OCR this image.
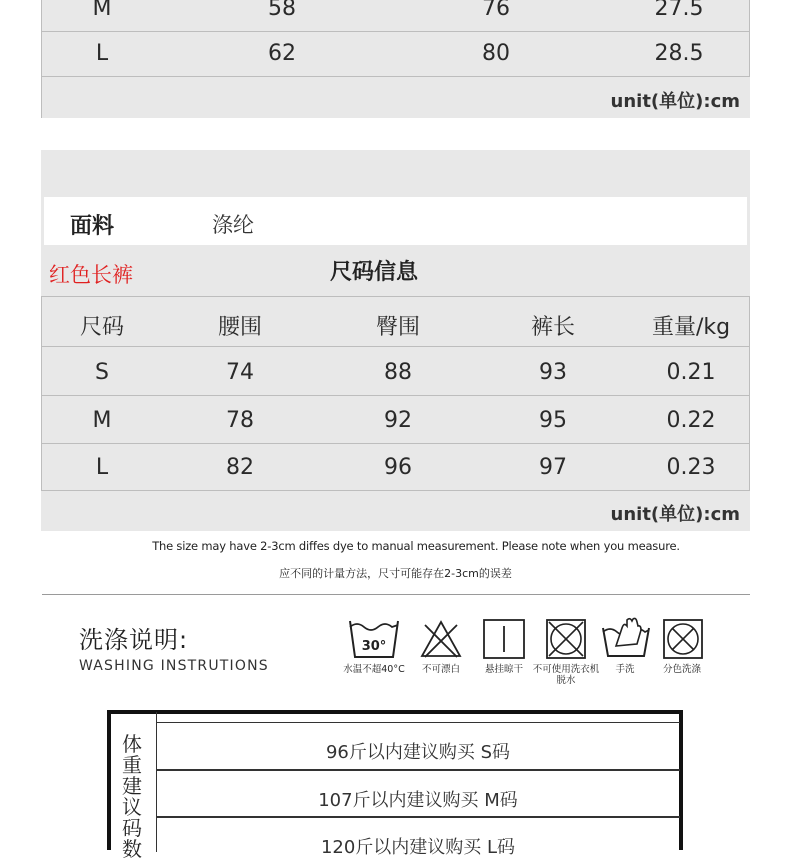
M	58	76	27.5
L	62	80	28.5
unit(单位):cm
面料	涤纶
红色长裤	尺码信息
尺码	腰围	臀围	裤长	重量/kg
S	74	88	93	0.21
M	78	92	95	0.22
L	82	96	97	0.23
unit(单位):cm
The size may have 2-3cm diffes dye to manual measurement. Please note when you measure.
应不同的计量方法，尺寸可能存在2-3cm的误差
洗涤说明:
WASHING INSTRUTIONS
30°
水温不超40°C	不可漂白	悬挂晾干	不可使用洗衣机脱水
手洗	分色洗涤
体重建议码数
96斤以内建议购买 S码
107斤以内建议购买 M码
120斤以内建议购买 L码
